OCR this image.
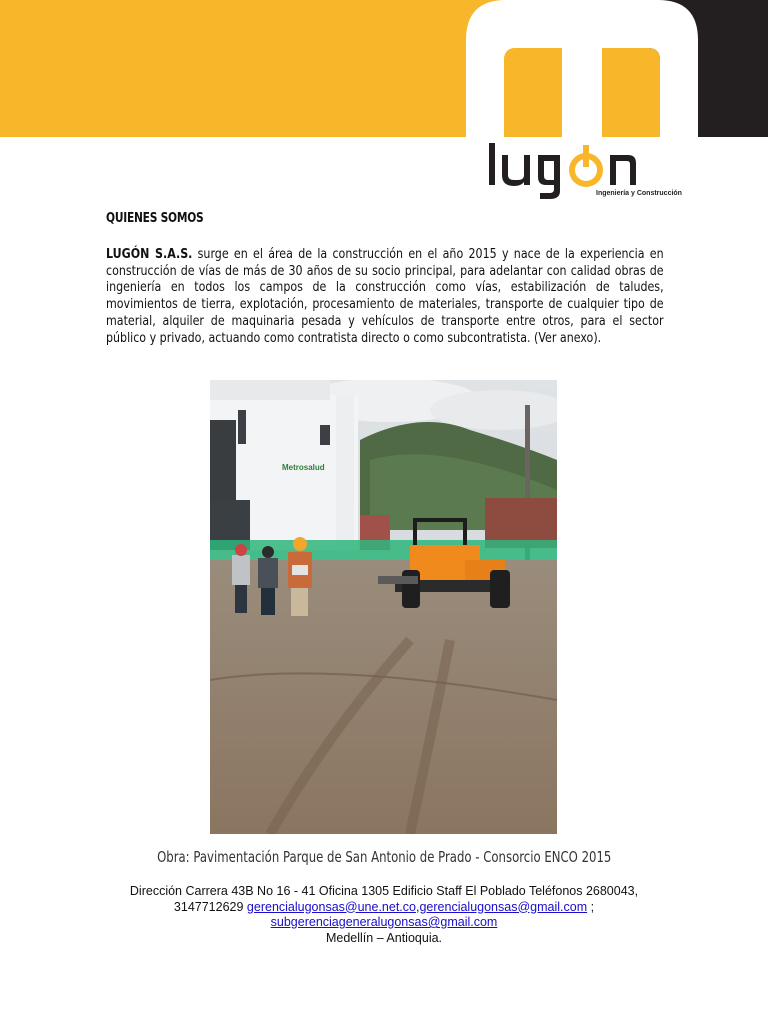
Ingeniería y Construcción
QUIENES SOMOS
LUGÓN S.A.S. surge en el área de la construcción en el año 2015 y nace de la experiencia en construcción de vías de más de 30 años de su socio principal, para adelantar con calidad obras de ingeniería en todos los campos de la construcción como vías, estabilización de taludes, movimientos de tierra, explotación, procesamiento de materiales, transporte de cualquier tipo de material, alquiler de maquinaria pesada y vehículos de transporte entre otros, para el sector público y privado, actuando como contratista directo o como subcontratista. (Ver anexo).
Metrosalud
Obra: Pavimentación Parque de San Antonio de Prado - Consorcio ENCO 2015
Dirección Carrera 43B No 16 - 41 Oficina 1305 Edificio Staff El Poblado Teléfonos 2680043,
3147712629 gerencialugonsas@une.net.co,gerencialugonsas@gmail.com ;
subgerenciageneralugonsas@gmail.com
Medellín – Antioquia.
